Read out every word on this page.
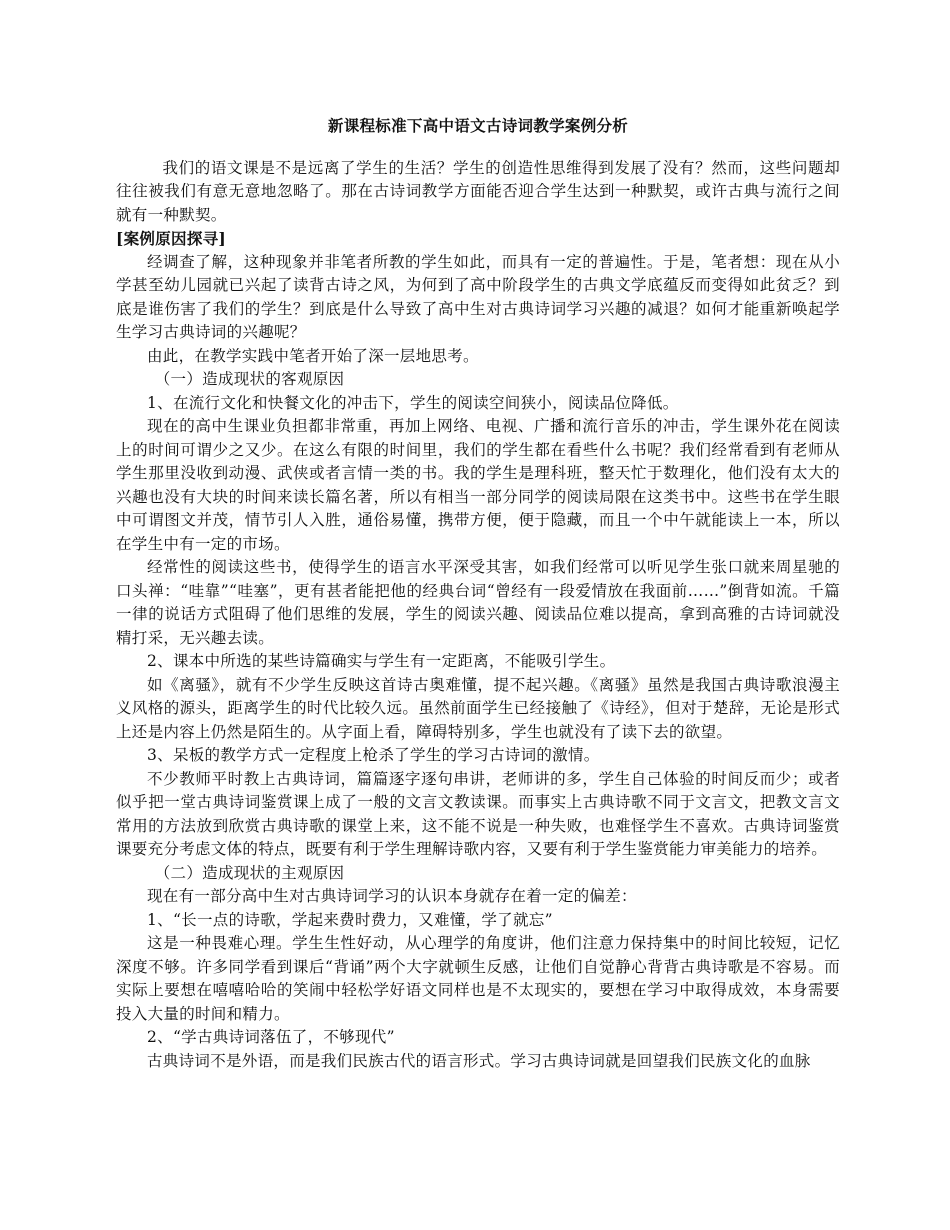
新课程标准下高中语文古诗词教学案例分析

我们的语文课是不是远离了学生的生活？学生的创造性思维得到发展了没有？然而，这些问题却往往被我们有意无意地忽略了。那在古诗词教学方面能否迎合学生达到一种默契，或许古典与流行之间就有一种默契。

[案例原因探寻]

经调查了解，这种现象并非笔者所教的学生如此，而具有一定的普遍性。于是，笔者想：现在从小学甚至幼儿园就已兴起了读背古诗之风，为何到了高中阶段学生的古典文学底蕴反而变得如此贫乏？到底是谁伤害了我们的学生？到底是什么导致了高中生对古典诗词学习兴趣的减退？如何才能重新唤起学生学习古典诗词的兴趣呢？

由此，在教学实践中笔者开始了深一层地思考。

（一）造成现状的客观原因

1、在流行文化和快餐文化的冲击下，学生的阅读空间狭小，阅读品位降低。

现在的高中生课业负担都非常重，再加上网络、电视、广播和流行音乐的冲击，学生课外花在阅读上的时间可谓少之又少。在这么有限的时间里，我们的学生都在看些什么书呢？我们经常看到有老师从学生那里没收到动漫、武侠或者言情一类的书。我的学生是理科班，整天忙于数理化，他们没有太大的兴趣也没有大块的时间来读长篇名著，所以有相当一部分同学的阅读局限在这类书中。这些书在学生眼中可谓图文并茂，情节引人入胜，通俗易懂，携带方便，便于隐藏，而且一个中午就能读上一本，所以在学生中有一定的市场。

经常性的阅读这些书，使得学生的语言水平深受其害，如我们经常可以听见学生张口就来周星驰的口头禅：“哇靠”“哇塞”，更有甚者能把他的经典台词“曾经有一段爱情放在我面前……”倒背如流。千篇一律的说话方式阻碍了他们思维的发展，学生的阅读兴趣、阅读品位难以提高，拿到高雅的古诗词就没精打采，无兴趣去读。

2、课本中所选的某些诗篇确实与学生有一定距离，不能吸引学生。

如《离骚》，就有不少学生反映这首诗古奥难懂，提不起兴趣。《离骚》虽然是我国古典诗歌浪漫主义风格的源头，距离学生的时代比较久远。虽然前面学生已经接触了《诗经》，但对于楚辞，无论是形式上还是内容上仍然是陌生的。从字面上看，障碍特别多，学生也就没有了读下去的欲望。

3、呆板的教学方式一定程度上枪杀了学生的学习古诗词的激情。

不少教师平时教上古典诗词，篇篇逐字逐句串讲，老师讲的多，学生自己体验的时间反而少；或者似乎把一堂古典诗词鉴赏课上成了一般的文言文教读课。而事实上古典诗歌不同于文言文，把教文言文常用的方法放到欣赏古典诗歌的课堂上来，这不能不说是一种失败，也难怪学生不喜欢。古典诗词鉴赏课要充分考虑文体的特点，既要有利于学生理解诗歌内容，又要有利于学生鉴赏能力审美能力的培养。

（二）造成现状的主观原因

现在有一部分高中生对古典诗词学习的认识本身就存在着一定的偏差：

1、“长一点的诗歌，学起来费时费力，又难懂，学了就忘”

这是一种畏难心理。学生生性好动，从心理学的角度讲，他们注意力保持集中的时间比较短，记忆深度不够。许多同学看到课后“背诵”两个大字就顿生反感，让他们自觉静心背背古典诗歌是不容易。而实际上要想在嘻嘻哈哈的笑闹中轻松学好语文同样也是不太现实的，要想在学习中取得成效，本身需要投入大量的时间和精力。

2、“学古典诗词落伍了，不够现代”

古典诗词不是外语，而是我们民族古代的语言形式。学习古典诗词就是回望我们民族文化的血脉
